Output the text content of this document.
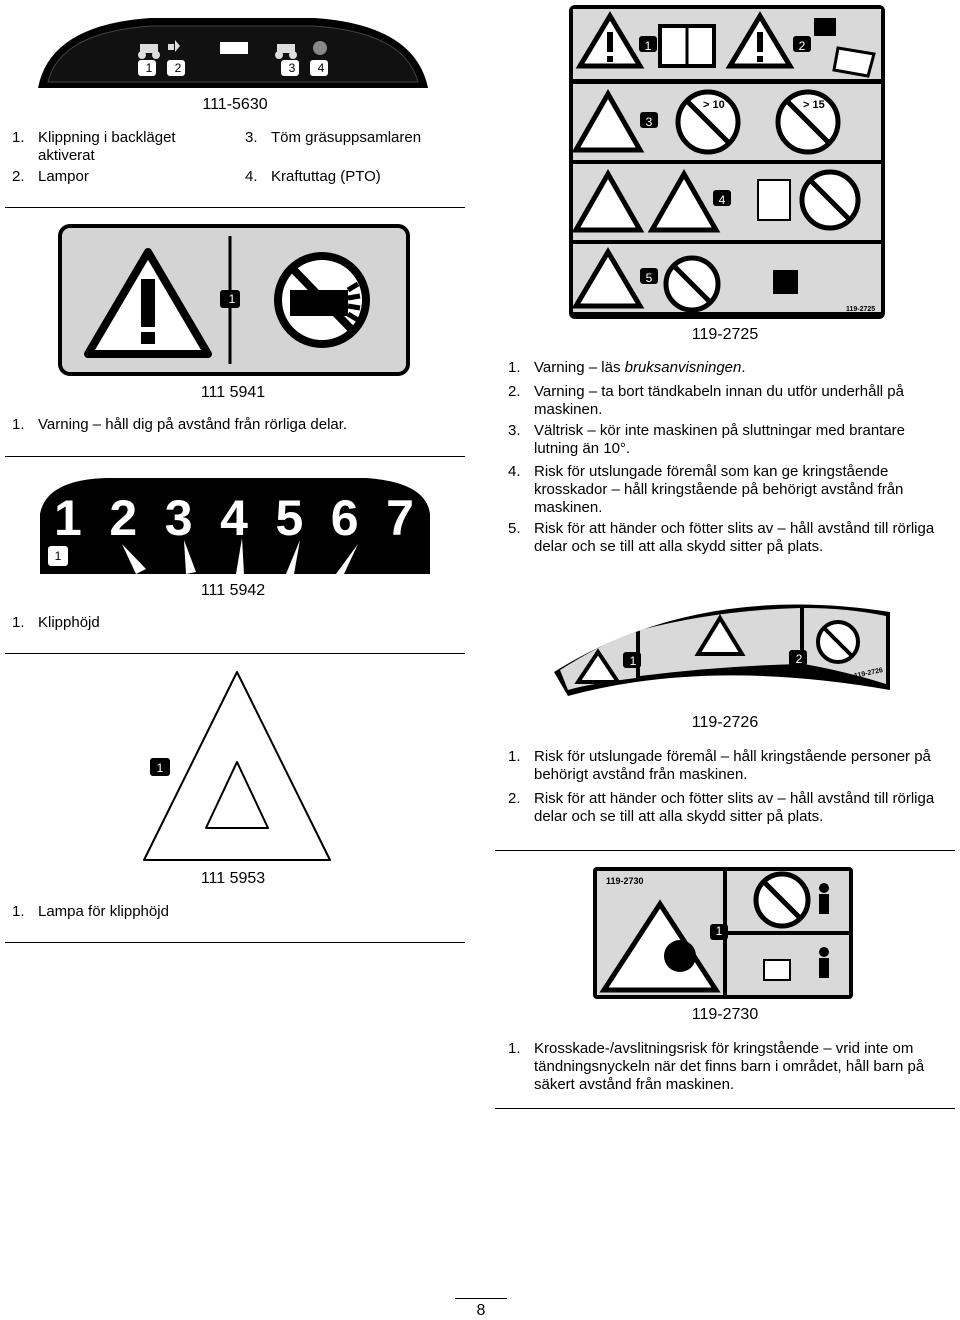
1 2	3 4
111-5630
1. Klippning i backläget aktiverat
2. Lampor
3. Töm gräsuppsamlaren
4. Kraftuttag (PTO)
1
111 5941
1. Varning – håll dig på avstånd från rörliga delar.
1 2 3 4 5 6 7
1
111 5942
1. Klipphöjd
1
111 5953
1. Lampa för klipphöjd
1	2
3
4
5
> 10	> 15
119-2725
119-2725
1. Varning – läs bruksanvisningen.
2. Varning – ta bort tändkabeln innan du utför underhåll på maskinen.
3. Vältrisk – kör inte maskinen på sluttningar med brantare lutning än 10°.
4. Risk för utslungade föremål som kan ge kringstående krosskador – håll kringstående på behörigt avstånd från maskinen.
5. Risk för att händer och fötter slits av – håll avstånd till rörliga delar och se till att alla skydd sitter på plats.
1	2
119-2726
119-2726
1. Risk för utslungade föremål – håll kringstående personer på behörigt avstånd från maskinen.
2. Risk för att händer och fötter slits av – håll avstånd till rörliga delar och se till att alla skydd sitter på plats.
119-2730
1
119-2730
1. Krosskade-/avslitningsrisk för kringstående – vrid inte om tändningsnyckeln när det finns barn i området, håll barn på säkert avstånd från maskinen.
8
